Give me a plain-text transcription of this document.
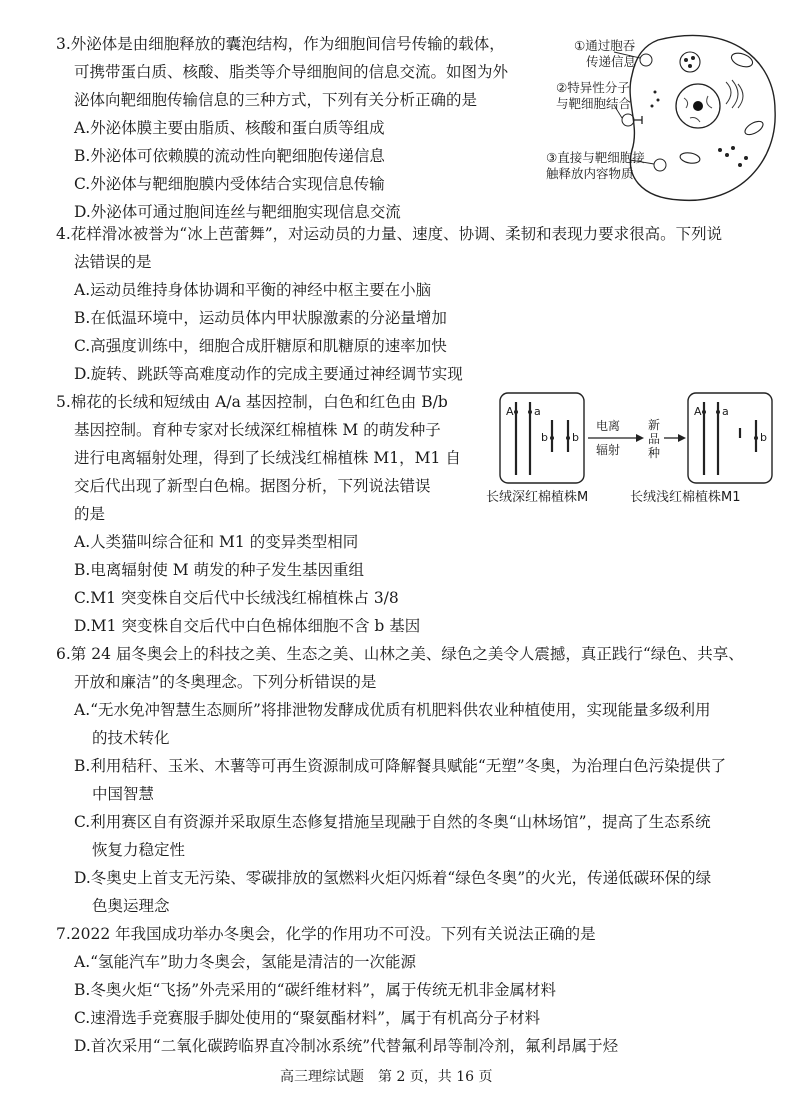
3.外泌体是由细胞释放的囊泡结构，作为细胞间信号传输的载体，
可携带蛋白质、核酸、脂类等介导细胞间的信息交流。如图为外
泌体向靶细胞传输信息的三种方式，下列有关分析正确的是
A.外泌体膜主要由脂质、核酸和蛋白质等组成
B.外泌体可依赖膜的流动性向靶细胞传递信息
C.外泌体与靶细胞膜内受体结合实现信息传输
D.外泌体可通过胞间连丝与靶细胞实现信息交流
①通过胞吞
传递信息
②特异性分子
与靶细胞结合
③直接与靶细胞接
触释放内容物质
4.花样滑冰被誉为“冰上芭蕾舞”，对运动员的力量、速度、协调、柔韧和表现力要求很高。下列说
法错误的是
A.运动员维持身体协调和平衡的神经中枢主要在小脑
B.在低温环境中，运动员体内甲状腺激素的分泌量增加
C.高强度训练中，细胞合成肝糖原和肌糖原的速率加快
D.旋转、跳跃等高难度动作的完成主要通过神经调节实现
5.棉花的长绒和短绒由 A/a 基因控制，白色和红色由 B/b
基因控制。育种专家对长绒深红棉植株 M 的萌发种子
进行电离辐射处理，得到了长绒浅红棉植株 M1，M1 自
交后代出现了新型白色棉。据图分析，下列说法错误
的是
A.人类猫叫综合征和 M1 的变异类型相同
B.电离辐射使 M 萌发的种子发生基因重组
C.M1 突变株自交后代中长绒浅红棉植株占 3/8
D.M1 突变株自交后代中白色棉体细胞不含 b 基因
A a
b b
电离
辐射
新
品
种
A a
b
长绒深红棉植株M	长绒浅红棉植株M1
6.第 24 届冬奥会上的科技之美、生态之美、山林之美、绿色之美令人震撼，真正践行“绿色、共享、
开放和廉洁”的冬奥理念。下列分析错误的是
A.“无水免冲智慧生态厕所”将排泄物发酵成优质有机肥料供农业种植使用，实现能量多级利用
的技术转化
B.利用秸秆、玉米、木薯等可再生资源制成可降解餐具赋能“无塑”冬奥，为治理白色污染提供了
中国智慧
C.利用赛区自有资源并采取原生态修复措施呈现融于自然的冬奥“山林场馆”，提高了生态系统
恢复力稳定性
D.冬奥史上首支无污染、零碳排放的氢燃料火炬闪烁着“绿色冬奥”的火光，传递低碳环保的绿
色奥运理念
7.2022 年我国成功举办冬奥会，化学的作用功不可没。下列有关说法正确的是
A.“氢能汽车”助力冬奥会，氢能是清洁的一次能源
B.冬奥火炬“飞扬”外壳采用的“碳纤维材料”，属于传统无机非金属材料
C.速滑选手竞赛服手脚处使用的“聚氨酯材料”，属于有机高分子材料
D.首次采用“二氧化碳跨临界直冷制冰系统”代替氟利昂等制冷剂，氟利昂属于烃
高三理综试题　第 2 页，共 16 页
